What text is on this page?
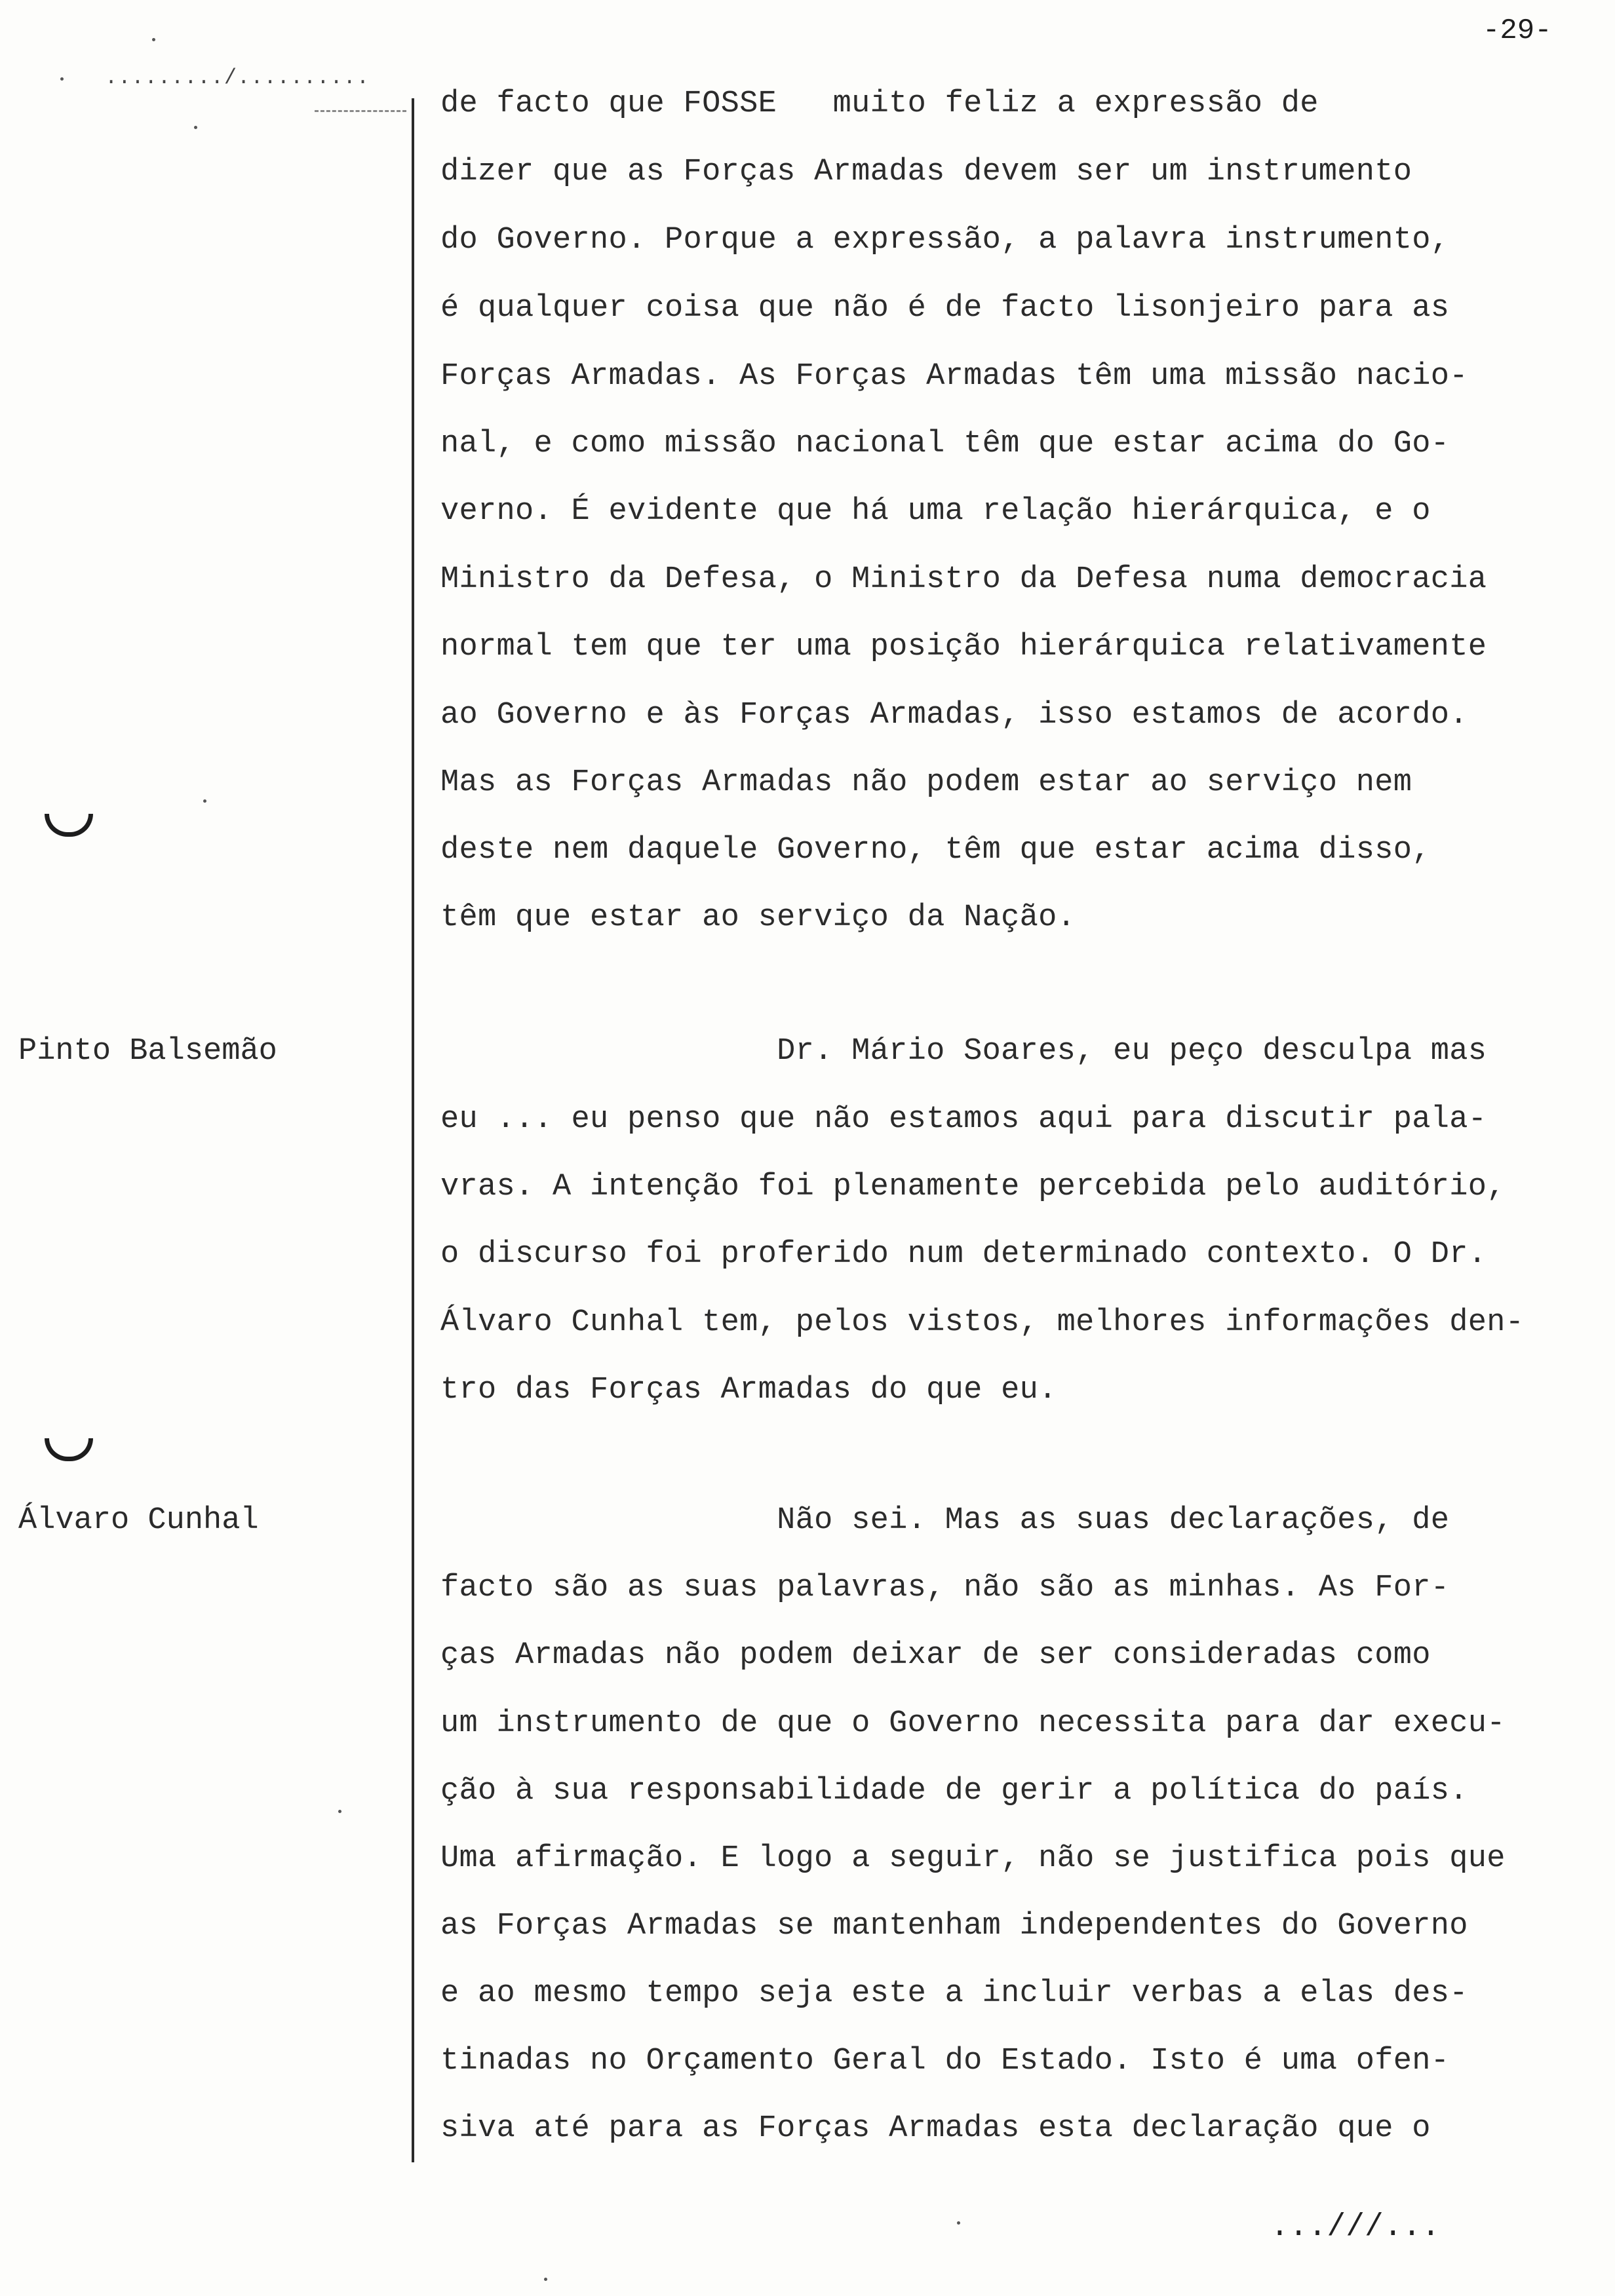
-29-
........./..........
de facto que FOSSE   muito feliz a expressão de
dizer que as Forças Armadas devem ser um instrumento
do Governo. Porque a expressão, a palavra instrumento,
é qualquer coisa que não é de facto lisonjeiro para as
Forças Armadas. As Forças Armadas têm uma missão nacio-
nal, e como missão nacional têm que estar acima do Go-
verno. É evidente que há uma relação hierárquica, e o
Ministro da Defesa, o Ministro da Defesa numa democracia
normal tem que ter uma posição hierárquica relativamente
ao Governo e às Forças Armadas, isso estamos de acordo.
Mas as Forças Armadas não podem estar ao serviço nem
deste nem daquele Governo, têm que estar acima disso,
têm que estar ao serviço da Nação.
Pinto Balsemão	Dr. Mário Soares, eu peço desculpa mas
eu ... eu penso que não estamos aqui para discutir pala-
vras. A intenção foi plenamente percebida pelo auditório,
o discurso foi proferido num determinado contexto. O Dr.
Álvaro Cunhal tem, pelos vistos, melhores informações den-
tro das Forças Armadas do que eu.
Álvaro Cunhal	Não sei. Mas as suas declarações, de
facto são as suas palavras, não são as minhas. As For-
ças Armadas não podem deixar de ser consideradas como
um instrumento de que o Governo necessita para dar execu-
ção à sua responsabilidade de gerir a política do país.
Uma afirmação. E logo a seguir, não se justifica pois que
as Forças Armadas se mantenham independentes do Governo
e ao mesmo tempo seja este a incluir verbas a elas des-
tinadas no Orçamento Geral do Estado. Isto é uma ofen-
siva até para as Forças Armadas esta declaração que o
...///...
